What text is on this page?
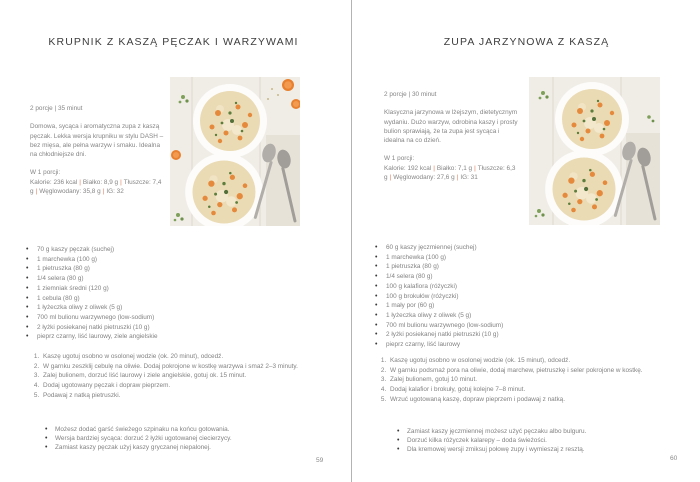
KRUPNIK Z KASZĄ PĘCZAK I WARZYWAMI

2 porcje | 35 minut

Domowa, sycąca i aromatyczna zupa z kaszą pęczak. Lekka wersja krupniku w stylu DASH – bez mięsa, ale pełna warzyw i smaku. Idealna na chłodniejsze dni.

W 1 porcji:

Kalorie: 236 kcal | Białko: 8,9 g | Tłuszcze: 7,4 g | Węglowodany: 35,8 g | IG: 32

• 70 g kaszy pęczak (suchej)
• 1 marchewka (100 g)
• 1 pietruszka (80 g)
• 1/4 selera (80 g)
• 1 ziemniak średni (120 g)
• 1 cebula (80 g)
• 1 łyżeczka oliwy z oliwek (5 g)
• 700 ml bulionu warzywnego (low-sodium)
• 2 łyżki posiekanej natki pietruszki (10 g)
• pieprz czarny, liść laurowy, ziele angielskie
1. Kaszę ugotuj osobno w osolonej wodzie (ok. 20 minut), odcedź.
2. W garnku zeszklij cebulę na oliwie. Dodaj pokrojone w kostkę warzywa i smaż 2–3 minuty.
3. Zalej bulionem, dorzuć liść laurowy i ziele angielskie, gotuj ok. 15 minut.
4. Dodaj ugotowany pęczak i dopraw pieprzem.
5. Podawaj z natką pietruszki.
• Możesz dodać garść świeżego szpinaku na końcu gotowania.
• Wersja bardziej sycąca: dorzuć 2 łyżki ugotowanej ciecierzycy.
• Zamiast kaszy pęczak użyj kaszy gryczanej niepalonej.
59
ZUPA JARZYNOWA Z KASZĄ

2 porcje | 30 minut

Klasyczna jarzynowa w lżejszym, dietetycznym wydaniu. Dużo warzyw, odrobina kaszy i prosty bulion sprawiają, że ta zupa jest sycąca i idealna na co dzień.

W 1 porcji:

Kalorie: 192 kcal | Białko: 7,1 g | Tłuszcze: 6,3 g | Węglowodany: 27,6 g | IG: 31

• 60 g kaszy jęczmiennej (suchej)
• 1 marchewka (100 g)
• 1 pietruszka (80 g)
• 1/4 selera (80 g)
• 100 g kalafiora (różyczki)
• 100 g brokułów (różyczki)
• 1 mały por (60 g)
• 1 łyżeczka oliwy z oliwek (5 g)
• 700 ml bulionu warzywnego (low-sodium)
• 2 łyżki posiekanej natki pietruszki (10 g)
• pieprz czarny, liść laurowy
1. Kaszę ugotuj osobno w osolonej wodzie (ok. 15 minut), odcedź.
2. W garnku podsmaż pora na oliwie, dodaj marchew, pietruszkę i seler pokrojone w kostkę.
3. Zalej bulionem, gotuj 10 minut.
4. Dodaj kalafior i brokuły, gotuj kolejne 7–8 minut.
5. Wrzuć ugotowaną kaszę, dopraw pieprzem i podawaj z natką.
• Zamiast kaszy jęczmiennej możesz użyć pęczaku albo bulguru.
• Dorzuć kilka różyczek kalarepy – doda świeżości.
• Dla kremowej wersji zmiksuj połowę zupy i wymieszaj z resztą.
60
